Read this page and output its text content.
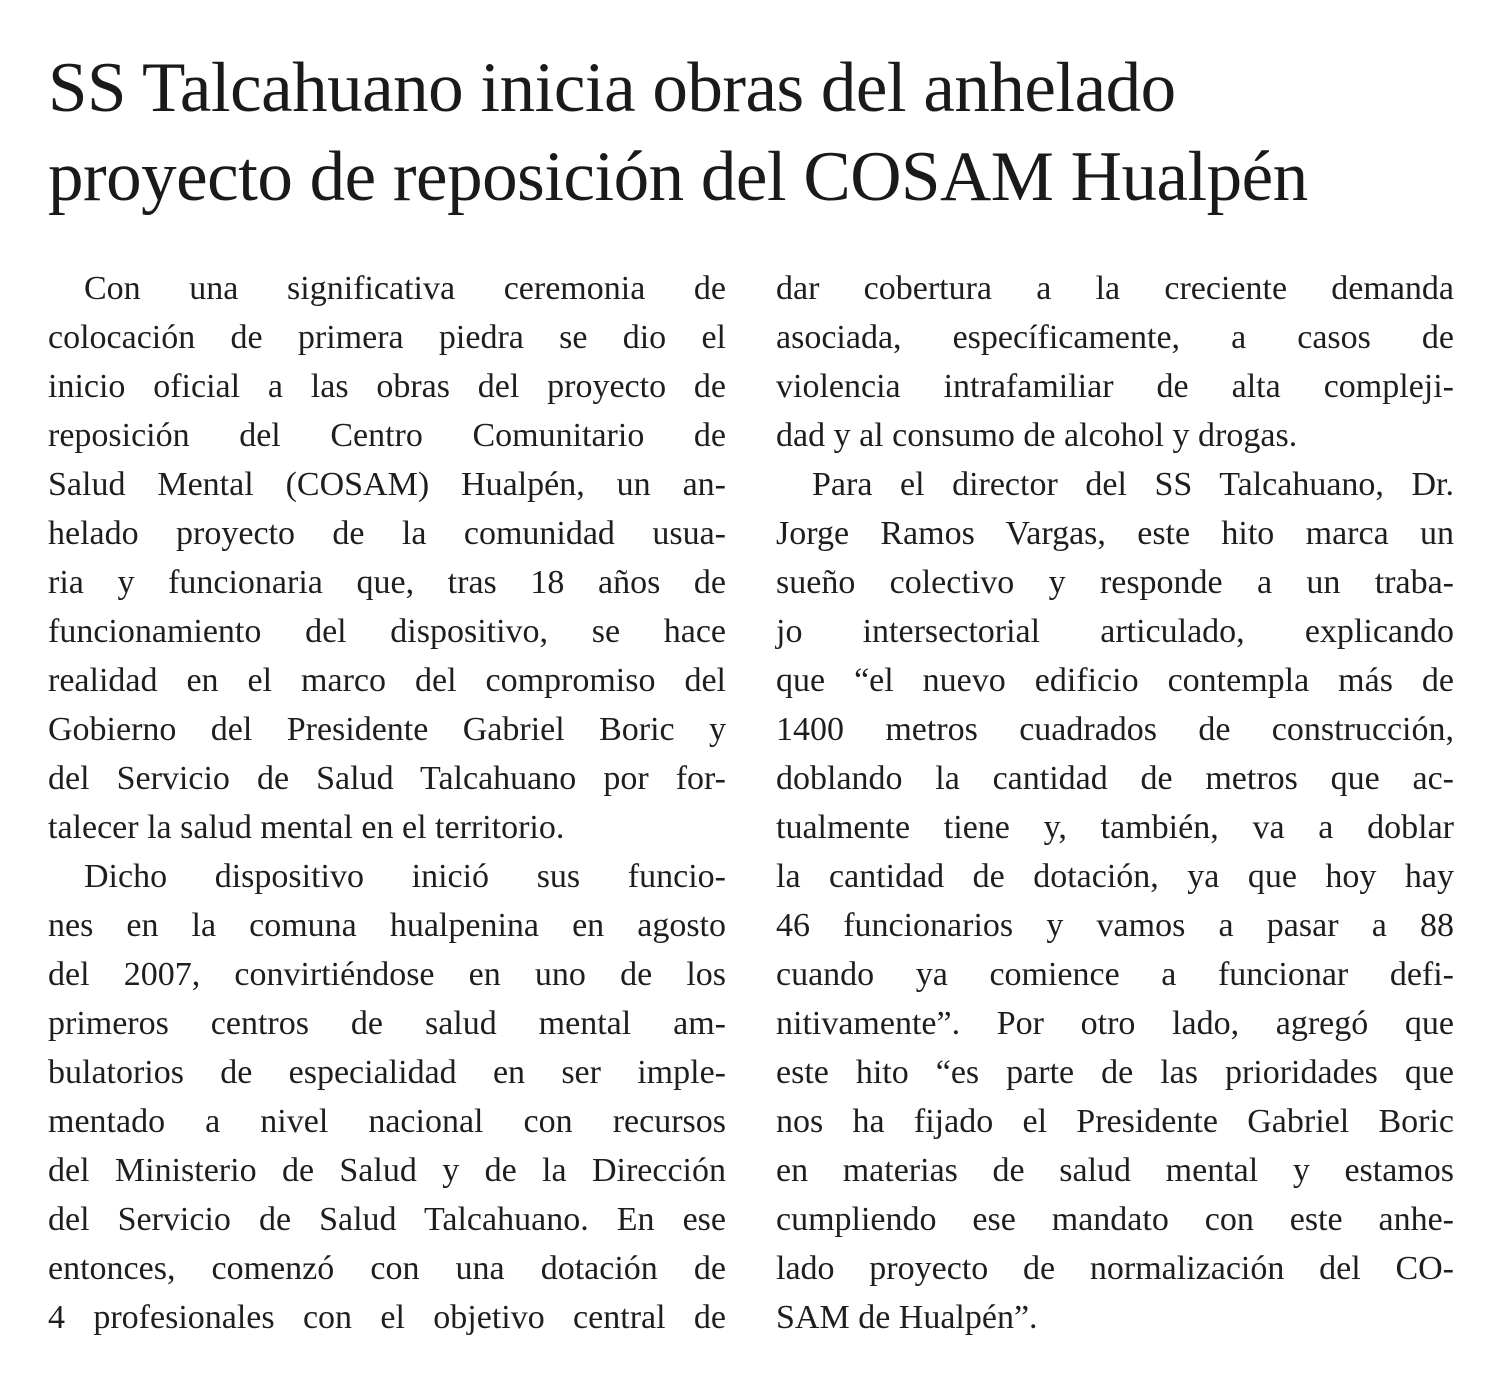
SS Talcahuano inicia obras del anhelado
proyecto de reposición del COSAM Hualpén
Con una significativa ceremonia de
colocación de primera piedra se dio el
inicio oficial a las obras del proyecto de
reposición del Centro Comunitario de
Salud Mental (COSAM) Hualpén, un an-
helado proyecto de la comunidad usua-
ria y funcionaria que, tras 18 años de
funcionamiento del dispositivo, se hace
realidad en el marco del compromiso del
Gobierno del Presidente Gabriel Boric y
del Servicio de Salud Talcahuano por for-
talecer la salud mental en el territorio.
Dicho dispositivo inició sus funcio-
nes en la comuna hualpenina en agosto
del 2007, convirtiéndose en uno de los
primeros centros de salud mental am-
bulatorios de especialidad en ser imple-
mentado a nivel nacional con recursos
del Ministerio de Salud y de la Dirección
del Servicio de Salud Talcahuano. En ese
entonces, comenzó con una dotación de
4 profesionales con el objetivo central de
dar cobertura a la creciente demanda
asociada, específicamente, a casos de
violencia intrafamiliar de alta compleji-
dad y al consumo de alcohol y drogas.
Para el director del SS Talcahuano, Dr.
Jorge Ramos Vargas, este hito marca un
sueño colectivo y responde a un traba-
jo intersectorial articulado, explicando
que “el nuevo edificio contempla más de
1400 metros cuadrados de construcción,
doblando la cantidad de metros que ac-
tualmente tiene y, también, va a doblar
la cantidad de dotación, ya que hoy hay
46 funcionarios y vamos a pasar a 88
cuando ya comience a funcionar defi-
nitivamente”. Por otro lado, agregó que
este hito “es parte de las prioridades que
nos ha fijado el Presidente Gabriel Boric
en materias de salud mental y estamos
cumpliendo ese mandato con este anhe-
lado proyecto de normalización del CO-
SAM de Hualpén”.
